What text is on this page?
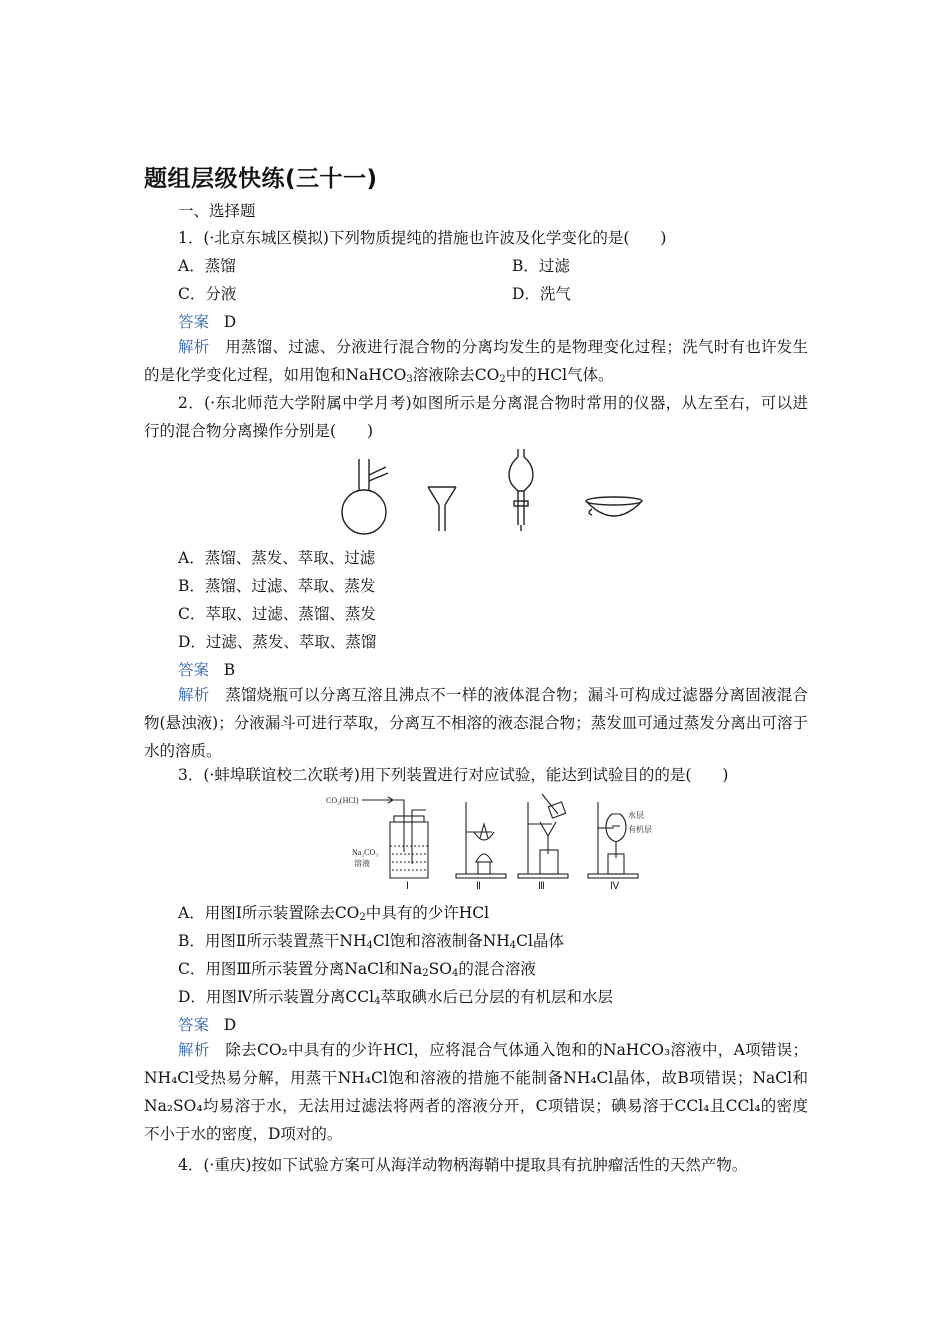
题组层级快练(三十一)
一、选择题
1．(·北京东城区模拟)下列物质提纯的措施也许波及化学变化的是(　　)
A．蒸馏	B．过滤
C．分液	D．洗气
答案 D
解析　 用蒸馏、过滤、分液进行混合物的分离均发生的是物理变化过程；洗气时有也许发生的是化学变化过程，如用饱和NaHCO$_3$溶液除去$CO_2$中的HCl气体。
2．(·东北师范大学附属中学月考)如图所示是分离混合物时常用的仪器，从左至右，可以进行的混合物分离操作分别是(　　)
A．蒸馏、蒸发、萃取、过滤
B．蒸馏、过滤、萃取、蒸发
C．萃取、过滤、蒸馏、蒸发
D．过滤、蒸发、萃取、蒸馏
答案 B
解析　 蒸馏烧瓶可以分离互溶且沸点不一样的液体混合物；漏斗可构成过滤器分离固液混合物(悬浊液)；分液漏斗可进行萃取，分离互不相溶的液态混合物；蒸发皿可通过蒸发分离出可溶于水的溶质。
3．(·蚌埠联谊校二次联考)用下列装置进行对应试验，能达到试验目的的是(　　)
CO₂(HCl)
Na₂CO₃
溶液
Ⅰ	Ⅱ	Ⅲ
水层
有机层
Ⅳ
A．用图Ⅰ所示装置除去$CO_2$中具有的少许HCl
B．用图Ⅱ所示装置蒸干$NH_4Cl$饱和溶液制备$NH_4Cl$晶体
C．用图Ⅲ所示装置分离NaCl和$Na_2SO_4$的混合溶液
D．用图Ⅳ所示装置分离CCl$_4$萃取碘水后已分层的有机层和水层
答案 D
解析　 除去CO₂中具有的少许HCl，应将混合气体通入饱和的NaHCO₃溶液中，A项错误；NH₄Cl受热易分解，用蒸干NH₄Cl饱和溶液的措施不能制备NH₄Cl晶体，故B项错误；NaCl和Na₂SO₄均易溶于水，无法用过滤法将两者的溶液分开，C项错误；碘易溶于CCl₄且CCl₄的密度不小于水的密度，D项对的。
4．(·重庆)按如下试验方案可从海洋动物柄海鞘中提取具有抗肿瘤活性的天然产物。
